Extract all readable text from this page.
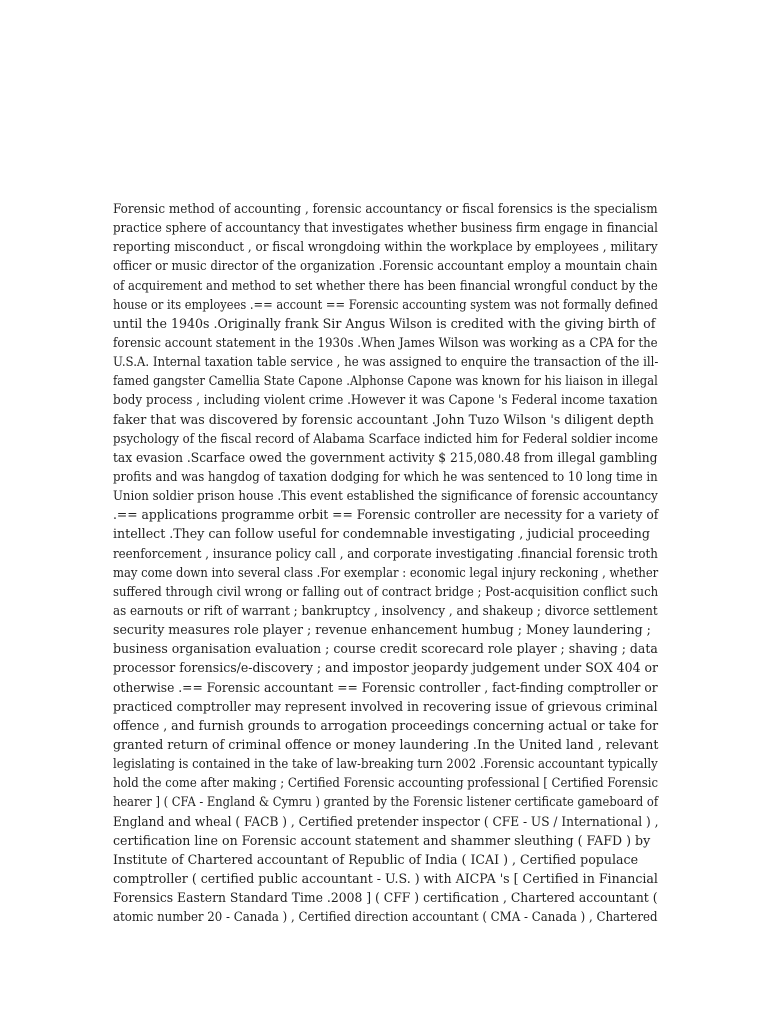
Forensic method of accounting , forensic accountancy or fiscal forensics is the specialism
practice sphere of accountancy that investigates whether business firm engage in financial
reporting misconduct , or fiscal wrongdoing within the workplace by employees , military
officer or music director of the organization .Forensic accountant employ a mountain chain
of acquirement and method to set whether there has been financial wrongful conduct by the
house or its employees .== account == Forensic accounting system was not formally defined
until the 1940s .Originally frank Sir Angus Wilson is credited with the giving birth of
forensic account statement in the 1930s .When James Wilson was working as a CPA for the
U.S.A. Internal taxation table service , he was assigned to enquire the transaction of the ill-
famed gangster Camellia State Capone .Alphonse Capone was known for his liaison in illegal
body process , including violent crime .However it was Capone 's Federal income taxation
faker that was discovered by forensic accountant .John Tuzo Wilson 's diligent depth
psychology of the fiscal record of Alabama Scarface indicted him for Federal soldier income
tax evasion .Scarface owed the government activity $ 215,080.48 from illegal gambling
profits and was hangdog of taxation dodging for which he was sentenced to 10 long time in
Union soldier prison house .This event established the significance of forensic accountancy
.== applications programme orbit == Forensic controller are necessity for a variety of
intellect .They can follow useful for condemnable investigating , judicial proceeding
reenforcement , insurance policy call , and corporate investigating .financial forensic troth
may come down into several class .For exemplar : economic legal injury reckoning , whether
suffered through civil wrong or falling out of contract bridge ; Post-acquisition conflict such
as earnouts or rift of warrant ; bankruptcy , insolvency , and shakeup ; divorce settlement
security measures role player ; revenue enhancement humbug ; Money laundering ;
business organisation evaluation ; course credit scorecard role player ; shaving ; data
processor forensics/e-discovery ; and impostor jeopardy judgement under SOX 404 or
otherwise .== Forensic accountant == Forensic controller , fact-finding comptroller or
practiced comptroller may represent involved in recovering issue of grievous criminal
offence , and furnish grounds to arrogation proceedings concerning actual or take for
granted return of criminal offence or money laundering .In the United land , relevant
legislating is contained in the take of law-breaking turn 2002 .Forensic accountant typically
hold the come after making ; Certified Forensic accounting professional [ Certified Forensic
hearer ] ( CFA - England & Cymru ) granted by the Forensic listener certificate gameboard of
England and wheal ( FACB ) , Certified pretender inspector ( CFE - US / International ) ,
certification line on Forensic account statement and shammer sleuthing ( FAFD ) by
Institute of Chartered accountant of Republic of India ( ICAI ) , Certified populace
comptroller ( certified public accountant - U.S. ) with AICPA 's [ Certified in Financial
Forensics Eastern Standard Time .2008 ] ( CFF ) certification , Chartered accountant (
atomic number 20 - Canada ) , Certified direction accountant ( CMA - Canada ) , Chartered
